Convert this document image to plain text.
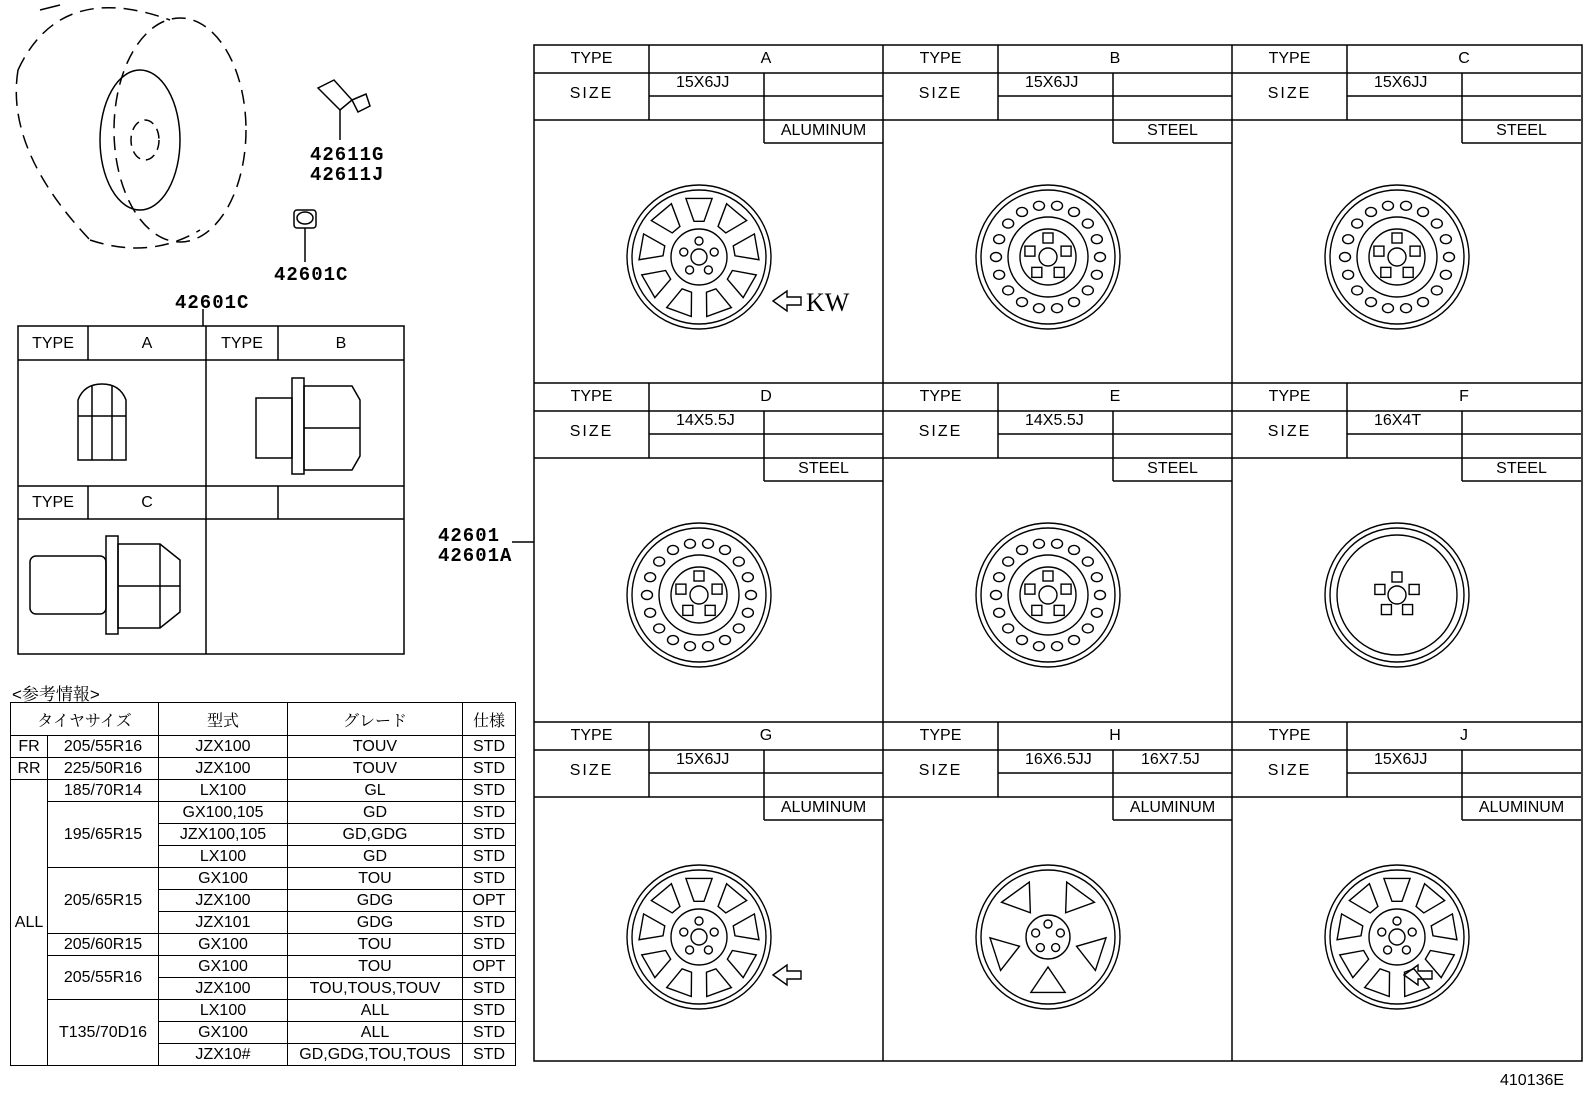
42611G
42611J
42601C
42601C
42601
42601A
410136E
TYPE	A	TYPE	B
TYPE	C
TYPE	A
SIZE
15X6JJ
ALUMINUM
TYPE	B
SIZE
15X6JJ
STEEL
TYPE	C
SIZE
15X6JJ
STEEL
TYPE	D
SIZE
14X5.5J
STEEL
TYPE	E
SIZE
14X5.5J
STEEL
TYPE	F
SIZE
16X4T
STEEL
TYPE	G
SIZE
15X6JJ
ALUMINUM
TYPE	H
SIZE
16X6.5JJ	16X7.5J
ALUMINUM
TYPE	J
SIZE
15X6JJ
ALUMINUM
<参考情報>
タイヤサイズ		型式	グレード	仕様
FR	205/55R16	JZX100	TOUV	STD
RR	225/50R16	JZX100	TOUV	STD
ALL	185/70R14	LX100	GL	STD
	195/65R15	GX100,105	GD	STD
		JZX100,105	GD,GDG	STD
		LX100	GD	STD
	205/65R15	GX100	TOU	STD
		JZX100	GDG	OPT
		JZX101	GDG	STD
	205/60R15	GX100	TOU	STD
	205/55R16	GX100	TOU	OPT
		JZX100	TOU,TOUS,TOUV	STD
	T135/70D16	LX100	ALL	STD
		GX100	ALL	STD
		JZX10#	GD,GDG,TOU,TOUS	STD
KW
